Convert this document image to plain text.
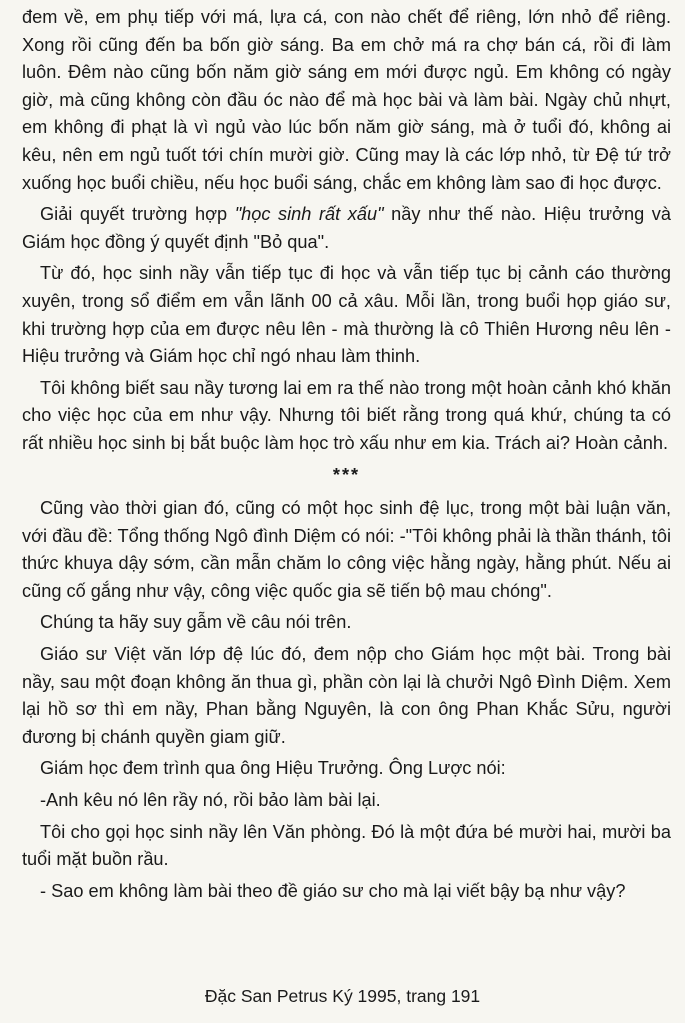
đem về, em phụ tiếp với má, lựa cá, con nào chết để riêng, lớn nhỏ để riêng. Xong rồi cũng đến ba bốn giờ sáng. Ba em chở má ra chợ bán cá, rồi đi làm luôn. Đêm nào cũng bốn năm giờ sáng em mới được ngủ. Em không có ngày giờ, mà cũng không còn đầu óc nào để mà học bài và làm bài. Ngày chủ nhựt, em không đi phạt là vì ngủ vào lúc bốn năm giờ sáng, mà ở tuổi đó, không ai kêu, nên em ngủ tuốt tới chín mười giờ. Cũng may là các lớp nhỏ, từ Đệ tứ trở xuống học buổi chiều, nếu học buổi sáng, chắc em không làm sao đi học được.

Giải quyết trường hợp "học sinh rất xấu" nầy như thế nào. Hiệu trưởng và Giám học đồng ý quyết định "Bỏ qua".

Từ đó, học sinh nầy vẫn tiếp tục đi học và vẫn tiếp tục bị cảnh cáo thường xuyên, trong sổ điểm em vẫn lãnh 00 cả xâu. Mỗi lần, trong buổi họp giáo sư, khi trường hợp của em được nêu lên - mà thường là cô Thiên Hương nêu lên - Hiệu trưởng và Giám học chỉ ngó nhau làm thinh.

Tôi không biết sau nầy tương lai em ra thế nào trong một hoàn cảnh khó khăn cho việc học của em như vậy. Nhưng tôi biết rằng trong quá khứ, chúng ta có rất nhiều học sinh bị bắt buộc làm học trò xấu như em kia. Trách ai? Hoàn cảnh.

***

Cũng vào thời gian đó, cũng có một học sinh đệ lục, trong một bài luận văn, với đầu đề: Tổng thống Ngô đình Diệm có nói: -"Tôi không phải là thần thánh, tôi thức khuya dậy sớm, cần mẫn chăm lo công việc hằng ngày, hằng phút. Nếu ai cũng cố gắng như vậy, công việc quốc gia sẽ tiến bộ mau chóng".

Chúng ta hãy suy gẫm về câu nói trên.

Giáo sư Việt văn lớp đệ lúc đó, đem nộp cho Giám học một bài. Trong bài nầy, sau một đoạn không ăn thua gì, phần còn lại là chưởi Ngô Đình Diệm. Xem lại hồ sơ thì em nầy, Phan bằng Nguyên, là con ông Phan Khắc Sửu, người đương bị chánh quyền giam giữ.

Giám học đem trình qua ông Hiệu Trưởng. Ông Lược nói:

-Anh kêu nó lên rầy nó, rồi bảo làm bài lại.

Tôi cho gọi học sinh nầy lên Văn phòng. Đó là một đứa bé mười hai, mười ba tuổi mặt buồn rầu.

- Sao em không làm bài theo đề giáo sư cho mà lại viết bậy bạ như vậy?

Đặc San Petrus Ký 1995, trang 191
